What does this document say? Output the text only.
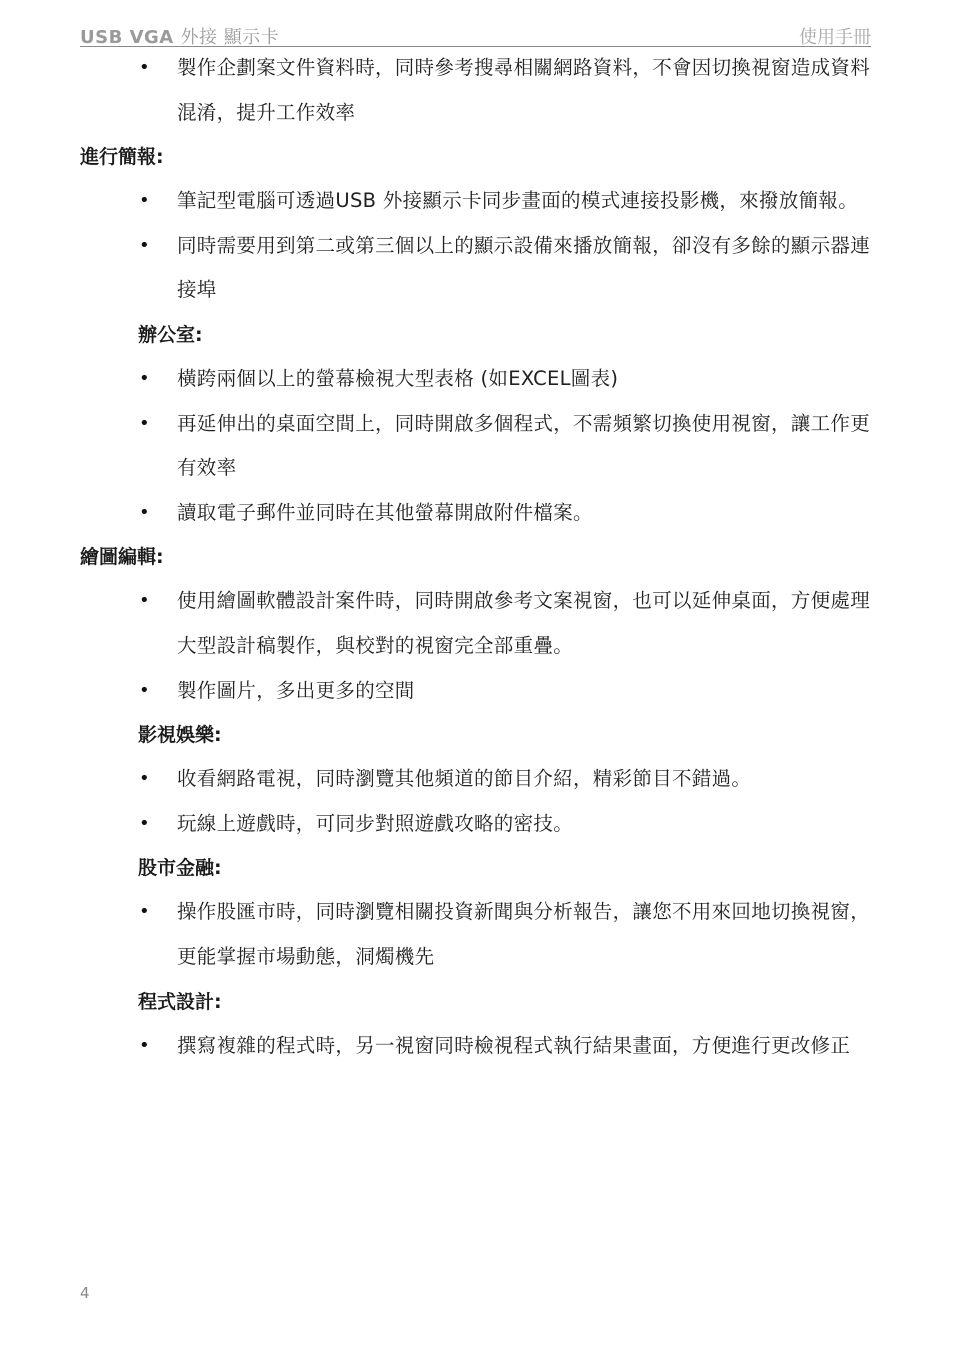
USB VGA 外接 顯示卡	使用手冊
• 製作企劃案文件資料時，同時參考搜尋相關網路資料，不會因切換視窗造成資料混淆，提升工作效率
進行簡報:
• 筆記型電腦可透過USB 外接顯示卡同步畫面的模式連接投影機，來撥放簡報。
• 同時需要用到第二或第三個以上的顯示設備來播放簡報，卻沒有多餘的顯示器連接埠
辦公室:
• 橫跨兩個以上的螢幕檢視大型表格 (如EXCEL圖表)
• 再延伸出的桌面空間上，同時開啟多個程式，不需頻繁切換使用視窗，讓工作更有效率
• 讀取電子郵件並同時在其他螢幕開啟附件檔案。
繪圖編輯:
• 使用繪圖軟體設計案件時，同時開啟參考文案視窗，也可以延伸桌面，方便處理大型設計稿製作，與校對的視窗完全部重疊。
• 製作圖片，多出更多的空間
影視娛樂:
• 收看網路電視，同時瀏覽其他頻道的節目介紹，精彩節目不錯過。
• 玩線上遊戲時，可同步對照遊戲攻略的密技。
股市金融:
• 操作股匯市時，同時瀏覽相關投資新聞與分析報告，讓您不用來回地切換視窗，更能掌握市場動態，洞燭機先
程式設計:
• 撰寫複雜的程式時，另一視窗同時檢視程式執行結果畫面，方便進行更改修正
4
